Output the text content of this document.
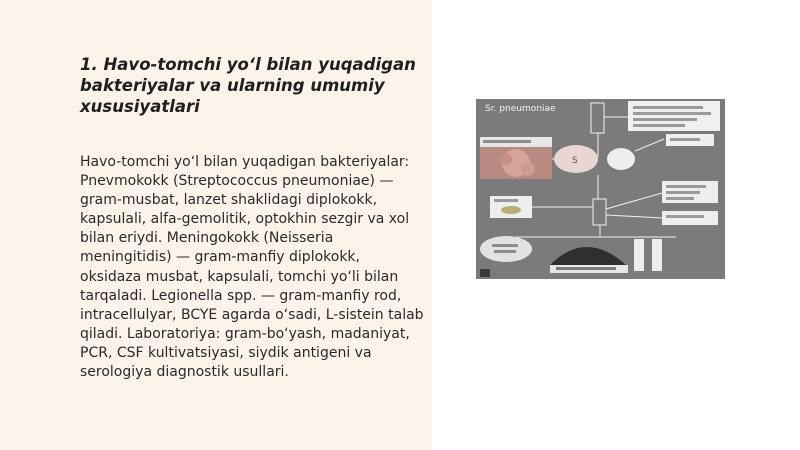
1. Havo-tomchi yo‘l bilan yuqadigan bakteriyalar va ularning umumiy xususiyatlari

Havo-tomchi yo‘l bilan yuqadigan bakteriyalar: Pnevmokokk (Streptococcus pneumoniae) — gram-musbat, lanzet shaklidagi diplokokk, kapsulali, alfa-gemolitik, optokhin sezgir va xol bilan eriydi. Meningokokk (Neisseria meningitidis) — gram-manfiy diplokokk, oksidaza musbat, kapsulali, tomchi yo‘li bilan tarqaladi. Legionella spp. — gram-manfiy rod, intracellulyar, BCYE agarda o‘sadi, L-sistein talab qiladi. Laboratoriya: gram-bo‘yash, madaniyat, PCR, CSF kultivatsiyasi, siydik antigeni va serologiya diagnostik usullari.

Sr. pneumoniae
S
